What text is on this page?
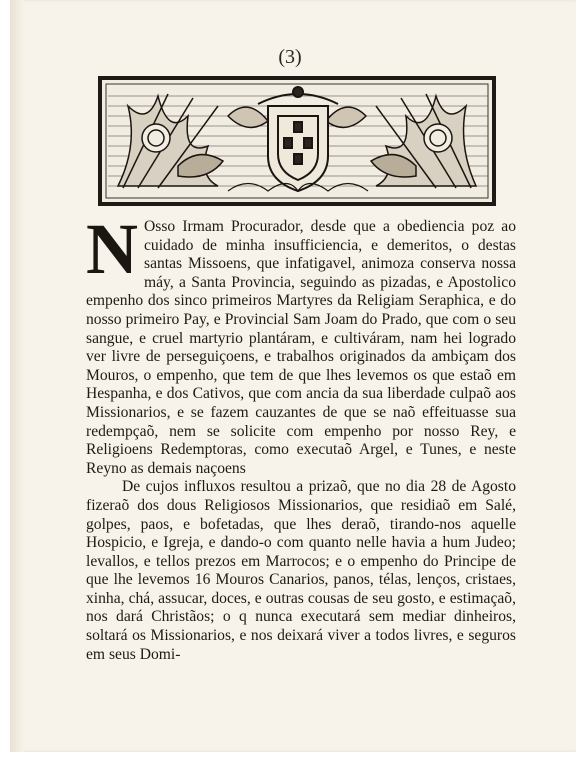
(3)

N Osso Irmam Procurador, desde que a obediencia poz ao cuidado de minha insufficiencia, e demeritos, o destas santas Missoens, que infatigavel, animoza conserva nossa máy, a Santa Provincia, seguindo as pizadas, e Apostolico empenho dos sinco primeiros Martyres da Religiam Seraphica, e do nosso primeiro Pay, e Provincial Sam Joam do Prado, que com o seu sangue, e cruel martyrio plantáram, e cultiváram, nam hei logrado ver livre de perseguiçoens, e trabalhos originados da ambiçam dos Mouros, o empenho, que tem de que lhes levemos os que estaõ em Hespanha, e dos Cativos, que com ancia da sua liberdade culpaõ aos Missionarios, e se fazem cauzantes de que se naõ effeituasse sua redempçaõ, nem se solicite com empenho por nosso Rey, e Religioens Redemptoras, como executaõ Argel, e Tunes, e neste Reyno as demais naçoens

De cujos influxos resultou a prizaõ, que no dia 28 de Agosto fizeraõ dos dous Religiosos Missionarios, que residiaõ em Salé, golpes, paos, e bofetadas, que lhes deraõ, tirando-nos aquelle Hospicio, e Igreja, e dando-o com quanto nelle havia a hum Judeo; levallos, e tellos prezos em Marrocos; e o empenho do Principe de que lhe levemos 16 Mouros Canarios, panos, télas, lenços, cristaes, xinha, chá, assucar, doces, e outras cousas de seu gosto, e estimaçaõ, nos dará Christãos; o q nunca executará sem mediar dinheiros, soltará os Missionarios, e nos deixará viver a todos livres, e seguros em seus Domi-
